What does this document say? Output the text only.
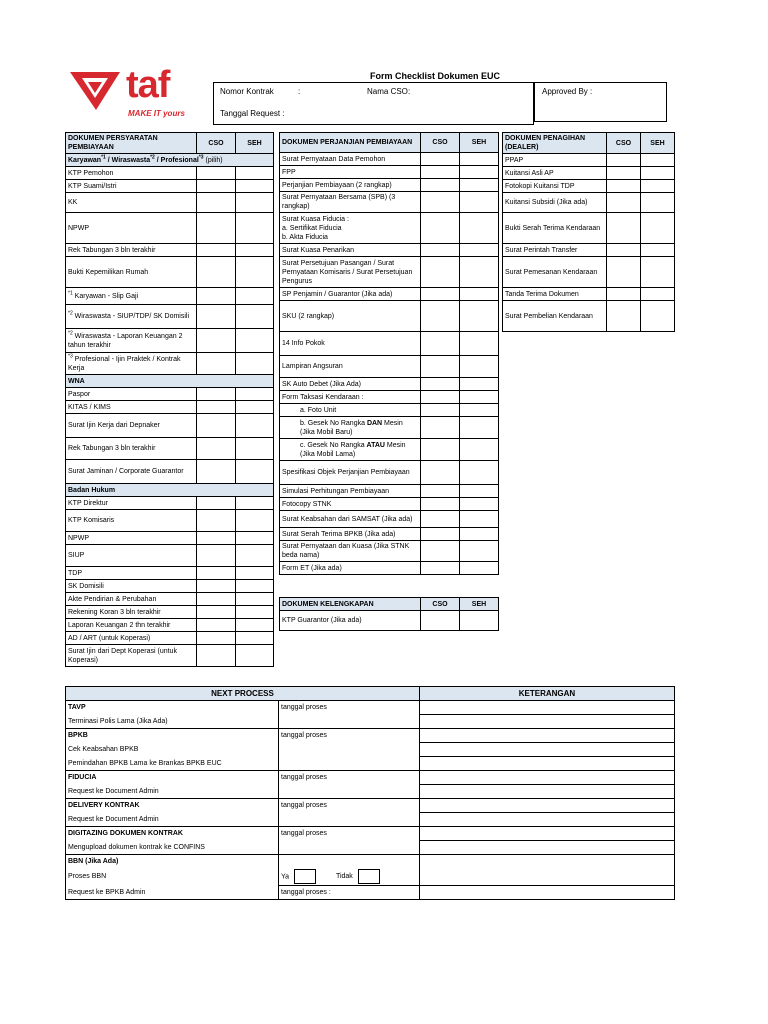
taf
MAKE IT yours
Form Checklist Dokumen EUC
Nomor Kontrak	:	Nama CSO :
Tanggal Request :
Approved By :
DOKUMEN PERSYARATAN PEMBIAYAAN	CSO	SEH
Karyawan$^{*1}$ / Wiraswasta$^{*2}$ / Profesional$^{*3}$ (pilih)		
KTP Pemohon		
KTP Suami/Istri		
KK		
NPWP		
Rek Tabungan 3 bln terakhir		
Bukti Kepemilikan Rumah		
$^{*1}$ Karyawan - Slip Gaji		
$^{*2}$ Wiraswasta - SIUP/TDP/ SK Domisili		
$^{*2}$ Wiraswasta - Laporan Keuangan 2 tahun terakhir		
$^{*3}$ Profesional - Ijin Praktek / Kontrak Kerja		
WNA		
Paspor		
KITAS / KIMS		
Surat Ijin Kerja dari Depnaker		
Rek Tabungan 3 bln terakhir		
Surat Jaminan / Corporate Guarantor		
Badan Hukum		
KTP Direktur		
KTP Komisaris		
NPWP		
SIUP		
TDP		
SK Domisili		
Akte Pendirian & Perubahan		
Rekening Koran 3 bln terakhir		
Laporan Keuangan 2 thn terakhir		
AD / ART (untuk Koperasi)		
Surat Ijin dari Dept Koperasi (untuk Koperasi)		
DOKUMEN PERJANJIAN PEMBIAYAAN	CSO	SEH
Surat Pernyataan Data Pemohon		
FPP		
Perjanjian Pembiayaan (2 rangkap)		
Surat Pernyataan Bersama (SPB) (3 rangkap)		
Surat Kuasa Fiducia :
a. Sertifikat Fiducia
b. Akta Fiducia		
Surat Kuasa Penarikan		
Surat Persetujuan Pasangan / Surat Pernyataan Komisaris / Surat Persetujuan Pengurus		
SP Penjamin / Guarantor (Jika ada)		
SKU (2 rangkap)		
14 Info Pokok		
Lampiran Angsuran		
SK Auto Debet (Jika Ada)		
Form Taksasi Kendaraan :		
a. Foto Unit		
b. Gesek No Rangka DAN Mesin (Jika Mobil Baru)		
c. Gesek No Rangka ATAU Mesin (Jika Mobil Lama)		
Spesifikasi Objek Perjanjian Pembiayaan		
Simulasi Perhitungan Pembiayaan		
Fotocopy STNK		
Surat Keabsahan dari SAMSAT (Jika ada)		
Surat Serah Terima BPKB (Jika ada)		
Surat Pernyataan dan Kuasa (Jika STNK beda nama)		
Form ET (Jika ada)		
DOKUMEN KELENGKAPAN	CSO	SEH
KTP Guarantor (Jika ada)		
DOKUMEN PENAGIHAN (DEALER)	CSO	SEH
PPAP		
Kuitansi Asli AP		
Fotokopi Kuitansi TDP		
Kuitansi Subsidi (Jika ada)		
Bukti Serah Terima Kendaraan		
Surat Perintah Transfer		
Surat Pemesanan Kendaraan		
Tanda Terima Dokumen		
Surat Pembelian Kendaraan		
NEXT PROCESS		KETERANGAN
TAVP	tanggal proses	
Terminasi Polis Lama (Jika Ada)		
BPKB	tanggal proses	
Cek Keabsahan BPKB		
Pemindahan BPKB Lama ke Brankas BPKB EUC		
FIDUCIA	tanggal proses	
Request ke Document Admin		
DELIVERY KONTRAK	tanggal proses	
Request ke Document Admin		
DIGITAZING DOKUMEN KONTRAK	tanggal proses	
Mengupload dokumen kontrak ke CONFINS		
BBN (Jika Ada)		
Proses BBN	Ya Tidak	
Request ke BPKB Admin	tanggal proses :	
